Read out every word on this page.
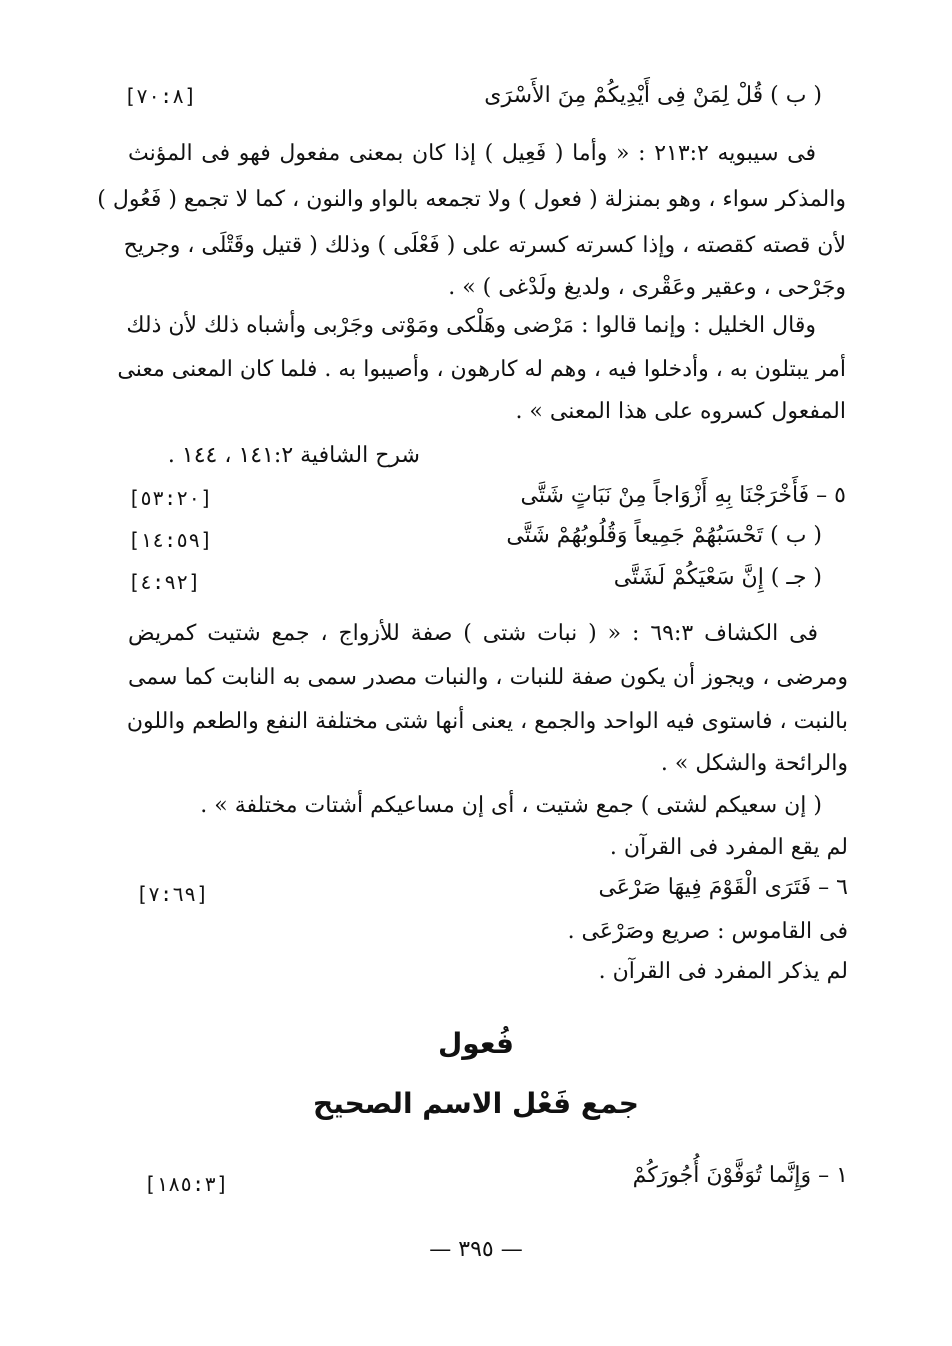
( ب ) قُلْ لِمَنْ فِى أَيْدِيكُمْ مِنَ الأَسْرَى
[٧٠:٨]
فى سيبويه ٢١٣:٢ : « وأما ( فَعِيل ) إذا كان بمعنى مفعول فهو فى المؤنث
والمذكر سواء ، وهو بمنزلة ( فعول ) ولا تجمعه بالواو والنون ، كما لا تجمع ( فَعُول )
لأن قصته كقصته ، وإذا كسرته كسرته على ( فَعْلَى ) وذلك ( قتيل وقَتْلَى ، وجريح
وجَرْحى ، وعقير وعَقْرى ، ولديغ ولَدْغى ) » .
وقال الخليل : وإنما قالوا : مَرْضى وهَلْكى ومَوْتى وجَرْبى وأشباه ذلك لأن ذلك
أمر يبتلون به ، وأدخلوا فيه ، وهم له كارهون ، وأصيبوا به . فلما كان المعنى معنى
المفعول كسروه على هذا المعنى » .
شرح الشافية ١٤١:٢ ، ١٤٤ .
٥ – فَأَخْرَجْنَا بِهِ أَزْوَاجاً مِنْ نَبَاتٍ شَتَّى
[٥٣:٢٠]
( ب ) تَحْسَبُهُمْ جَمِيعاً وَقُلُوبُهُمْ شَتَّى
[١٤:٥٩]
( جـ ) إِنَّ سَعْيَكُمْ لَشَتَّى
[٤:٩٢]
فى الكشاف ٦٩:٣ : « ( نبات شتى ) صفة للأزواج ، جمع شتيت كمريض
ومرضى ، ويجوز أن يكون صفة للنبات ، والنبات مصدر سمى به النابت كما سمى
بالنبت ، فاستوى فيه الواحد والجمع ، يعنى أنها شتى مختلفة النفع والطعم واللون
والرائحة والشكل » .
( إن سعيكم لشتى ) جمع شتيت ، أى إن مساعيكم أشتات مختلفة » .
لم يقع المفرد فى القرآن .
٦ – فَتَرَى الْقَوْمَ فِيهَا صَرْعَى
[٧:٦٩]
فى القاموس : صريع وصَرْعَى .
لم يذكر المفرد فى القرآن .
فُعول
جمع فَعْل الاسم الصحيح
١ – وَإِنَّما تُوَفَّوْنَ أُجُورَكُمْ
[١٨٥:٣]
— ٣٩٥ —
